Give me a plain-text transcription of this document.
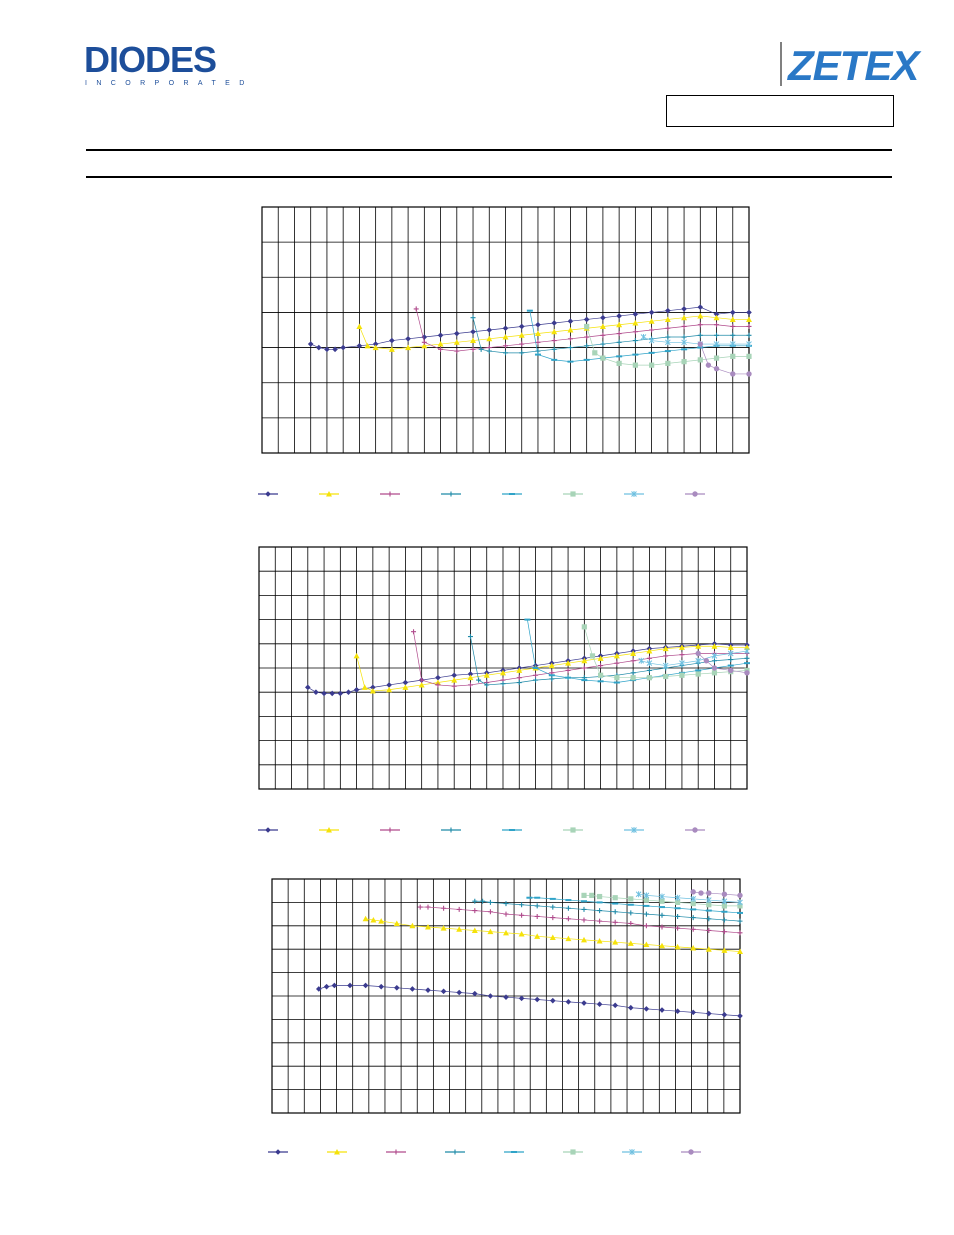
DIODES
INCORPORATED	ZETEX
